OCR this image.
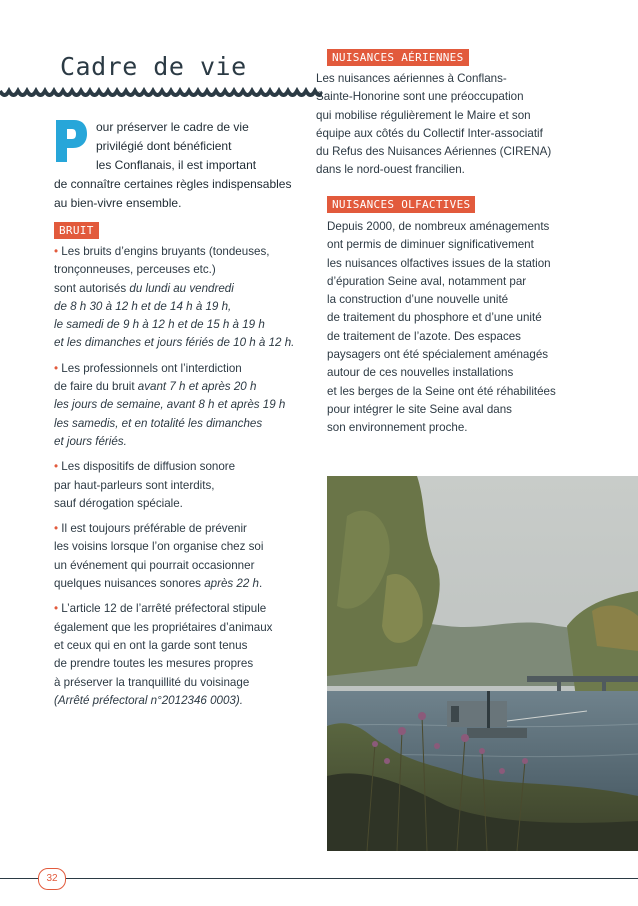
Cadre de vie
our préserver le cadre de vie
privilégié dont bénéficient
les Conflanais, il est important
de connaître certaines règles indispensables
au bien-vivre ensemble.
BRUIT

• Les bruits d’engins bruyants (tondeuses,
tronçonneuses, perceuses etc.)
sont autorisés du lundi au vendredi
de 8 h 30 à 12 h et de 14 h à 19 h,
le samedi de 9 h à 12 h et de 15 h à 19 h
et les dimanches et jours fériés de 10 h à 12 h.

• Les professionnels ont l’interdiction
de faire du bruit avant 7 h et après 20 h
les jours de semaine, avant 8 h et après 19 h
les samedis, et en totalité les dimanches
et jours fériés.

• Les dispositifs de diffusion sonore
par haut-parleurs sont interdits,
sauf dérogation spéciale.

• Il est toujours préférable de prévenir
les voisins lorsque l’on organise chez soi
un événement qui pourrait occasionner
quelques nuisances sonores après 22 h.

• L’article 12 de l’arrêté préfectoral stipule
également que les propriétaires d’animaux
et ceux qui en ont la garde sont tenus
de prendre toutes les mesures propres
à préserver la tranquillité du voisinage
(Arrêté préfectoral n°2012346 0003).

NUISANCES AÉRIENNES
Les nuisances aériennes à Conflans-
Sainte-Honorine sont une préoccupation
qui mobilise régulièrement le Maire et son
équipe aux côtés du Collectif Inter-associatif
du Refus des Nuisances Aériennes (CIRENA)
dans le nord-ouest francilien.
NUISANCES OLFACTIVES
Depuis 2000, de nombreux aménagements
ont permis de diminuer significativement
les nuisances olfactives issues de la station
d’épuration Seine aval, notamment par
la construction d’une nouvelle unité
de traitement du phosphore et d’une unité
de traitement de l’azote. Des espaces
paysagers ont été spécialement aménagés
autour de ces nouvelles installations
et les berges de la Seine ont été réhabilitées
pour intégrer le site Seine aval dans
son environnement proche.
32
